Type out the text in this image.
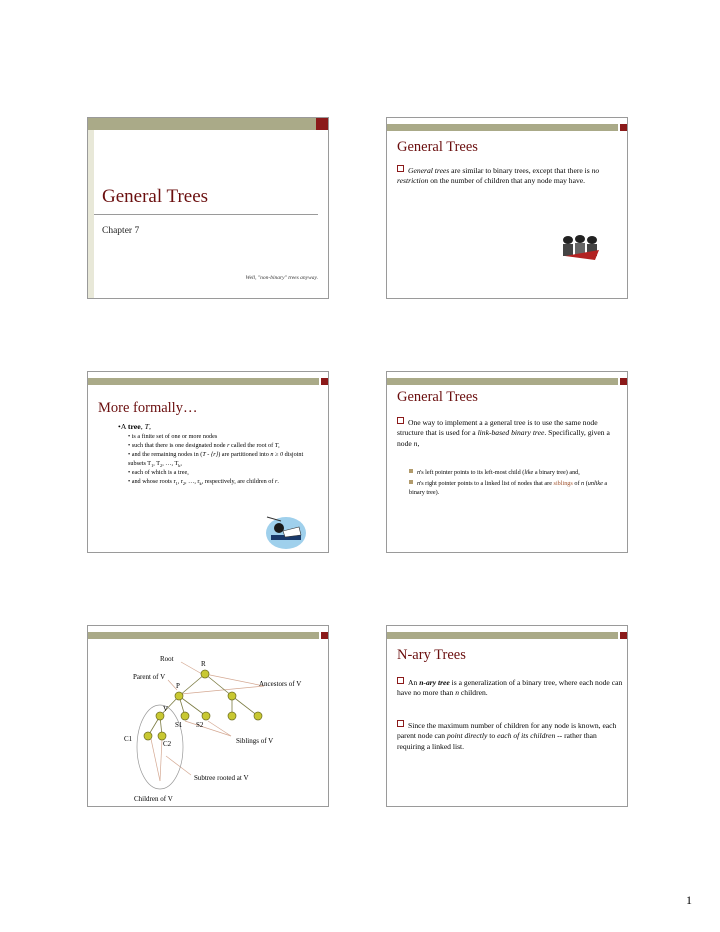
General Trees
Chapter 7
Well, "non-binary" trees anyway.
General Trees
General trees are similar to binary trees, except that there is no restriction on the number of children that any node may have.
More formally…
•A tree, T,
• is a finite set of one or more nodes
• such that there is one designated node r called the root of T,
• and the remaining nodes in (T - {r}) are partitioned into n ≥ 0 disjoint subsets $T_1$, $T_2$, …, $T_k$,
• each of which is a tree,
• and whose roots $r_1$, $r_2$, …, $r_k$, respectively, are children of r.
General Trees
One way to implement a a general tree is to use the same node structure that is used for a link-based binary tree. Specifically, given a node n,
n's left pointer points to its left-most child (like a binary tree) and,
n's right pointer points to a linked list of nodes that are siblings of n (unlike a binary tree).
Root
R
Parent of V
P	Ancestors of V
V
S1 S2
C2
C1	Siblings of V
Subtree rooted at V
Children of V
N-ary Trees
An n-ary tree is a generalization of a binary tree, where each node can have no more than n children.
Since the maximum number of children for any node is known, each parent node can point directly to each of its children -- rather than requiring a linked list.
1
